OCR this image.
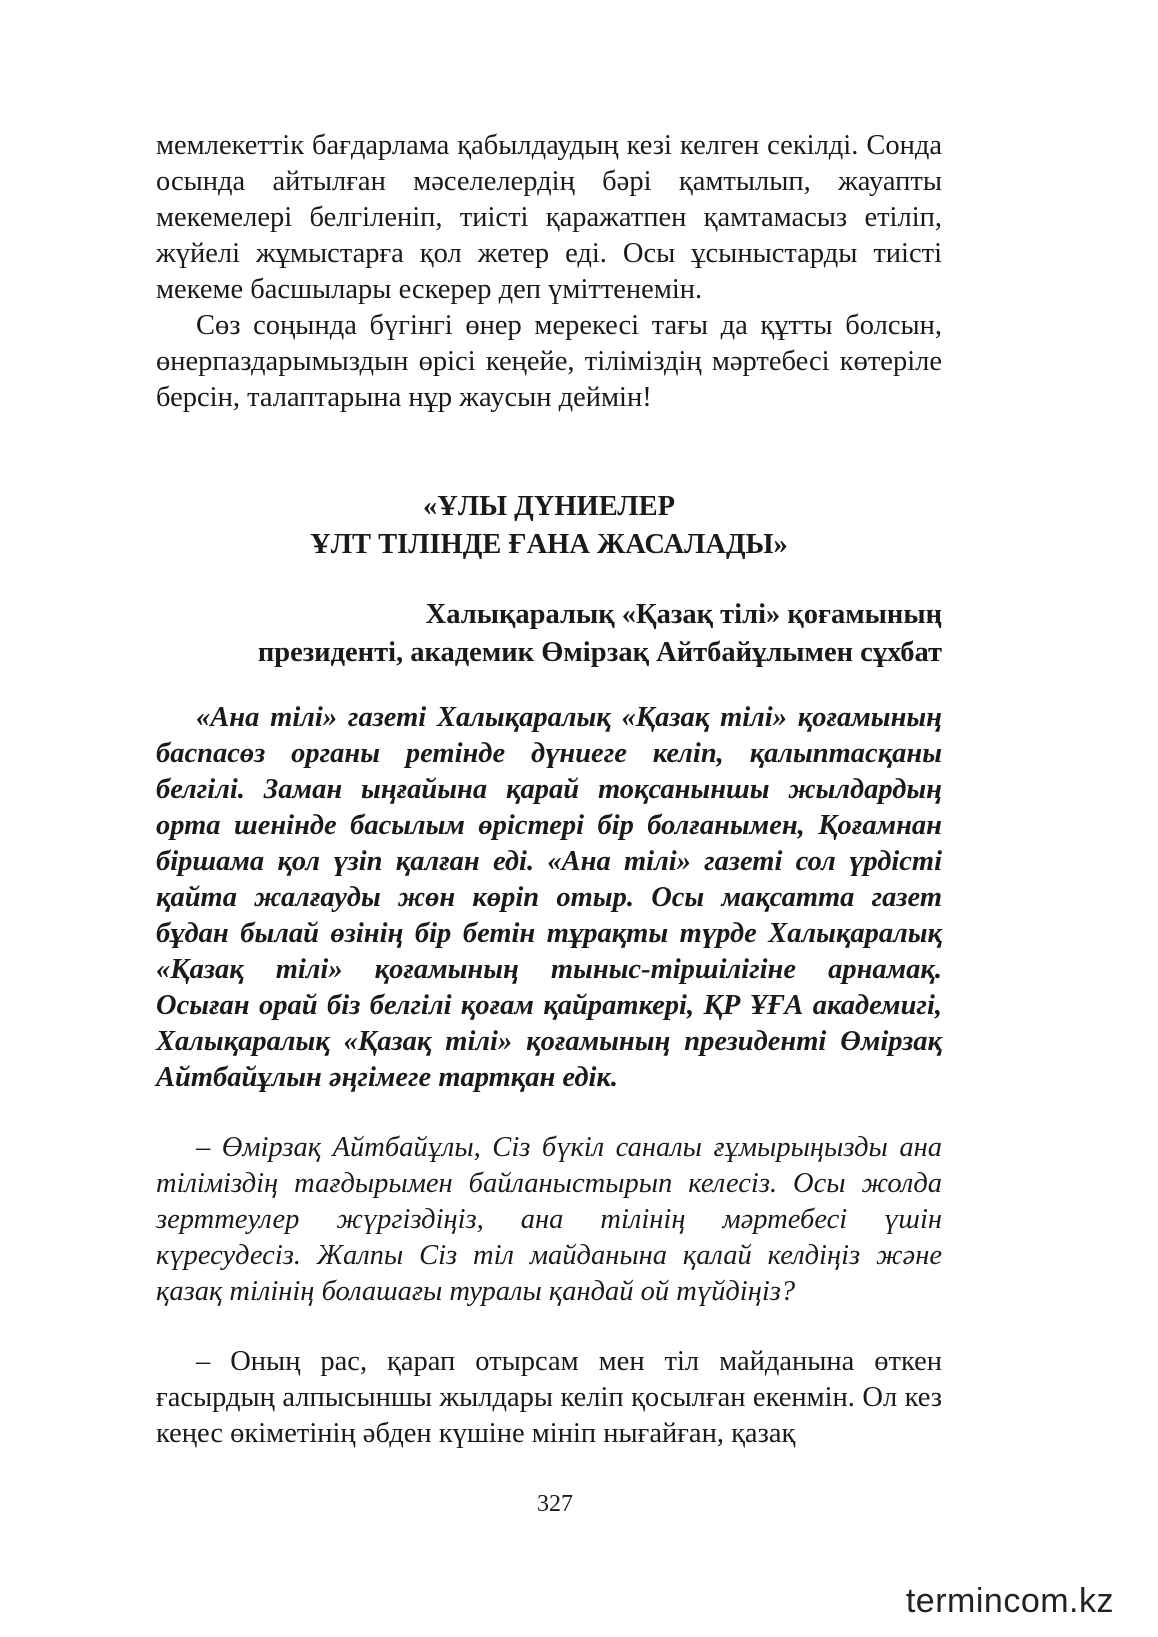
мемлекеттік бағдарлама қабылдаудың кезі келген секілді. Сонда осында айтылған мәселелердің бәрі қамтылып, жауапты мекемелері белгіленіп, тиісті қаражатпен қамтамасыз етіліп, жүйелі жұмыстарға қол жетер еді. Осы ұсыныстарды тиісті мекеме басшылары ескерер деп үміттенемін.

Сөз соңында бүгінгі өнер мерекесі тағы да құтты болсын, өнерпаздарымыздын өрісі кеңейе, тіліміздің мәртебесі көтеріле берсін, талаптарына нұр жаусын деймін!

«ҰЛЫ ДҮНИЕЛЕР
ҰЛТ ТІЛІНДЕ ҒАНА ЖАСАЛАДЫ»
Халықаралық «Қазақ тілі» қоғамының
президенті, академик Өмірзақ Айтбайұлымен сұхбат
«Ана тілі» газеті Халықаралық «Қазақ тілі» қоғамының баспасөз органы ретінде дүниеге келіп, қалыптасқаны белгілі. Заман ыңғайына қарай тоқсаныншы жылдардың орта шенінде басылым өрістері бір болғанымен, Қоғамнан біршама қол үзіп қалған еді. «Ана тілі» газеті сол үрдісті қайта жалғауды жөн көріп отыр. Осы мақсатта газет бұдан былай өзінің бір бетін тұрақты түрде Халықаралық «Қазақ тілі» қоғамының тыныс-тіршілігіне арнамақ. Осыған орай біз белгілі қоғам қайраткері, ҚР ҰҒА академигі, Халықаралық «Қазақ тілі» қоғамының президенті Өмірзақ Айтбайұлын әңгімеге тартқан едік.
– Өмірзақ Айтбайұлы, Сіз бүкіл саналы ғұмырыңызды ана тіліміздің тағдырымен байланыстырып келесіз. Осы жолда зерттеулер жүргіздіңіз, ана тілінің мәртебесі үшін күресудесіз. Жалпы Сіз тіл майданына қалай келдіңіз және қазақ тілінің болашағы туралы қандай ой түйдіңіз?
– Оның рас, қарап отырсам мен тіл майданына өткен ғасырдың алпысыншы жылдары келіп қосылған екенмін. Ол кез кеңес өкіметінің әбден күшіне мініп нығайған, қазақ
327
termincom.kz
